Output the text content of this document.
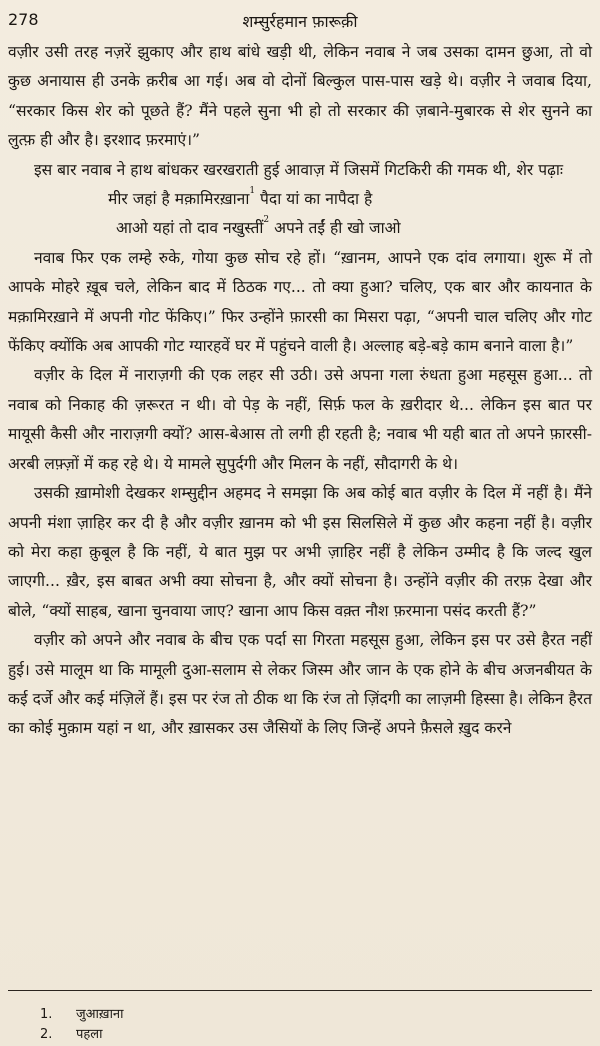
278	शम्सुर्रहमान फ़ारूक़ी

वज़ीर उसी तरह नज़रें झुकाए और हाथ बांधे खड़ी थी, लेकिन नवाब ने जब उसका दामन छुआ, तो वो कुछ अनायास ही उनके क़रीब आ गई। अब वो दोनों बिल्कुल पास-पास खड़े थे। वज़ीर ने जवाब दिया, “सरकार किस शेर को पूछते हैं? मैंने पहले सुना भी हो तो सरकार की ज़बाने-मुबारक से शेर सुनने का लुत्फ़ ही और है। इरशाद फ़रमाएं।”

इस बार नवाब ने हाथ बांधकर खरखराती हुई आवाज़ में जिसमें गिटकिरी की गमक थी, शेर पढ़ाः

मीर जहां है मक़ामिरख़ाना$^1$ पैदा यां का नापैदा है
आओ यहां तो दाव नखुस्तीं$^2$ अपने तईं ही खो जाओ

नवाब फिर एक लम्हे रुके, गोया कुछ सोच रहे हों। “ख़ानम, आपने एक दांव लगाया। शुरू में तो आपके मोहरे ख़ूब चले, लेकिन बाद में ठिठक गए... तो क्या हुआ? चलिए, एक बार और कायनात के मक़ामिरख़ाने में अपनी गोट फेंकिए।” फिर उन्होंने फ़ारसी का मिसरा पढ़ा, “अपनी चाल चलिए और गोट फेंकिए क्योंकि अब आपकी गोट ग्यारहवें घर में पहुंचने वाली है। अल्लाह बड़े-बड़े काम बनाने वाला है।”

वज़ीर के दिल में नाराज़गी की एक लहर सी उठी। उसे अपना गला रुंधता हुआ महसूस हुआ... तो नवाब को निकाह की ज़रूरत न थी। वो पेड़ के नहीं, सिर्फ़ फल के ख़रीदार थे... लेकिन इस बात पर मायूसी कैसी और नाराज़गी क्यों? आस-बेआस तो लगी ही रहती है; नवाब भी यही बात तो अपने फ़ारसी-अरबी लफ़्ज़ों में कह रहे थे। ये मामले सुपुर्दगी और मिलन के नहीं, सौदागरी के थे।

उसकी ख़ामोशी देखकर शम्सुद्दीन अहमद ने समझा कि अब कोई बात वज़ीर के दिल में नहीं है। मैंने अपनी मंशा ज़ाहिर कर दी है और वज़ीर ख़ानम को भी इस सिलसिले में कुछ और कहना नहीं है। वज़ीर को मेरा कहा क़ुबूल है कि नहीं, ये बात मुझ पर अभी ज़ाहिर नहीं है लेकिन उम्मीद है कि जल्द खुल जाएगी... ख़ैर, इस बाबत अभी क्या सोचना है, और क्यों सोचना है। उन्होंने वज़ीर की तरफ़ देखा और बोले, “क्यों साहब, खाना चुनवाया जाए? खाना आप किस वक़्त नौश फ़रमाना पसंद करती हैं?”

वज़ीर को अपने और नवाब के बीच एक पर्दा सा गिरता महसूस हुआ, लेकिन इस पर उसे हैरत नहीं हुई। उसे मालूम था कि मामूली दुआ-सलाम से लेकर जिस्म और जान के एक होने के बीच अजनबीयत के कई दर्जे और कई मंज़िलें हैं। इस पर रंज तो ठीक था कि रंज तो ज़िंदगी का लाज़मी हिस्सा है। लेकिन हैरत का कोई मुक़ाम यहां न था, और ख़ासकर उस जैसियों के लिए जिन्हें अपने फ़ैसले ख़ुद करने

1. जुआख़ाना
2. पहला
